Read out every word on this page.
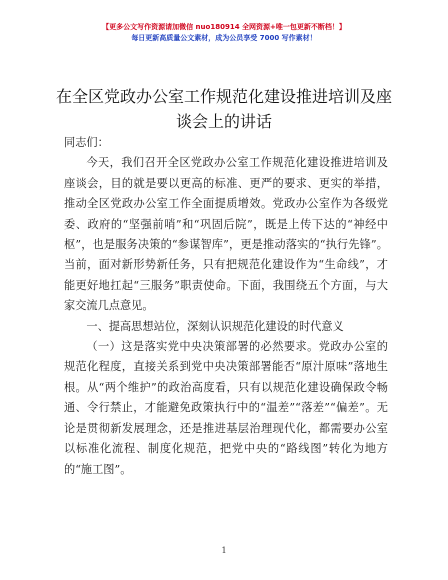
【更多公文写作资源请加微信 nuo180914 全网资源+唯一包更新不断档！】
每日更新高质量公文素材，成为公员享受 7000 写作素材！
在全区党政办公室工作规范化建设推进培训及座谈会上的讲话

同志们：

今天，我们召开全区党政办公室工作规范化建设推进培训及座谈会，目的就是要以更高的标准、更严的要求、更实的举措，推动全区党政办公室工作全面提质增效。党政办公室作为各级党委、政府的“坚强前哨”和“巩固后院”，既是上传下达的“神经中枢”，也是服务决策的“参谋智库”，更是推动落实的“执行先锋”。当前，面对新形势新任务，只有把规范化建设作为“生命线”，才能更好地扛起“三服务”职责使命。下面，我围绕五个方面，与大家交流几点意见。

一、提高思想站位，深刻认识规范化建设的时代意义

（一）这是落实党中央决策部署的必然要求。党政办公室的规范化程度，直接关系到党中央决策部署能否“原汁原味”落地生根。从“两个维护”的政治高度看，只有以规范化建设确保政令畅通、令行禁止，才能避免政策执行中的“温差”“落差”“偏差”。无论是贯彻新发展理念，还是推进基层治理现代化，都需要办公室以标准化流程、制度化规范，把党中央的“路线图”转化为地方的“施工图”。

1
